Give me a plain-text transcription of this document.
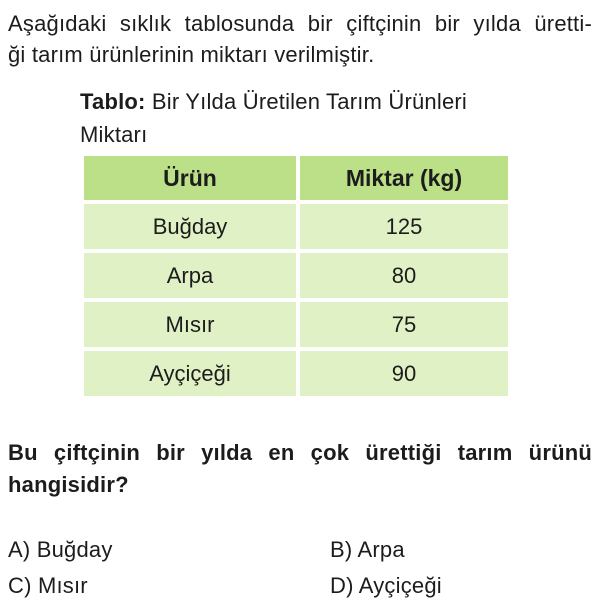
Aşağıdaki sıklık tablosunda bir çiftçinin bir yılda üretti-
ği tarım ürünlerinin miktarı verilmiştir.
Tablo: Bir Yılda Üretilen Tarım Ürünleri
Miktarı
Ürün	Miktar (kg)
Buğday	125
Arpa	80
Mısır	75
Ayçiçeği	90
Bu çiftçinin bir yılda en çok ürettiği tarım ürünü
hangisidir?
A) Buğday	B) Arpa
C) Mısır	D) Ayçiçeği
